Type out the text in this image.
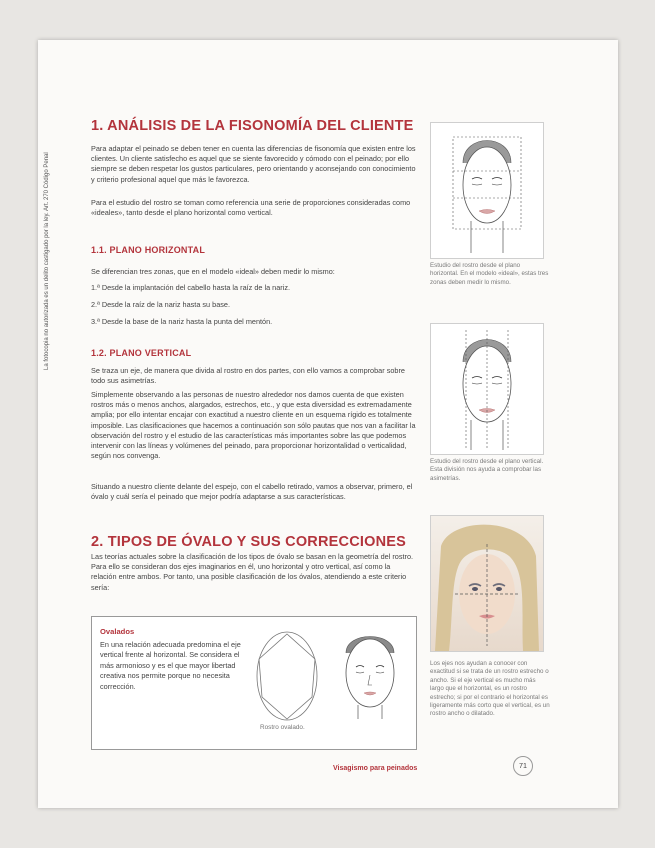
La fotocopia no autorizada es un delito castigado por la ley. Art. 270 Código Penal
1. ANÁLISIS DE LA FISONOMÍA DEL CLIENTE

Para adaptar el peinado se deben tener en cuenta las diferencias de fisonomía que existen entre los clientes. Un cliente satisfecho es aquel que se siente favorecido y cómodo con el peinado; por ello siempre se deben respetar los gustos particulares, pero orientando y aconsejando con conocimiento y criterio profesional aquel que más le favorezca.

Para el estudio del rostro se toman como referencia una serie de proporciones consideradas como «ideales», tanto desde el plano horizontal como vertical.

1.1. PLANO HORIZONTAL

Se diferencian tres zonas, que en el modelo «ideal» deben medir lo mismo:

1.ª Desde la implantación del cabello hasta la raíz de la nariz.
2.ª Desde la raíz de la nariz hasta su base.
3.ª Desde la base de la nariz hasta la punta del mentón.
1.2. PLANO VERTICAL

Se traza un eje, de manera que divida al rostro en dos partes, con ello vamos a comprobar sobre todo sus asimetrías.

Simplemente observando a las personas de nuestro alrededor nos damos cuenta de que existen rostros más o menos anchos, alargados, estrechos, etc., y que esta diversidad es extremadamente amplia; por ello intentar encajar con exactitud a nuestro cliente en un esquema rígido es totalmente imposible. Las clasificaciones que hacemos a continuación son sólo pautas que nos van a facilitar la observación del rostro y el estudio de las características más importantes sobre las que podemos intervenir con las líneas y volúmenes del peinado, para proporcionar horizontalidad o verticalidad, según nos convenga.

Situando a nuestro cliente delante del espejo, con el cabello retirado, vamos a observar, primero, el óvalo y cuál sería el peinado que mejor podría adaptarse a sus características.

2. TIPOS DE ÓVALO Y SUS CORRECCIONES

Las teorías actuales sobre la clasificación de los tipos de óvalo se basan en la geometría del rostro. Para ello se consideran dos ejes imaginarios en él, uno horizontal y otro vertical, así como la relación entre ambos. Por tanto, una posible clasificación de los óvalos, atendiendo a este criterio sería:

Ovalados

En una relación adecuada predomina el eje vertical frente al horizontal. Se considera el más armonioso y es el que mayor libertad creativa nos permite porque no necesita corrección.

Rostro ovalado.

Estudio del rostro desde el plano horizontal. En el modelo «ideal», estas tres zonas deben medir lo mismo.

Estudio del rostro desde el plano vertical. Esta división nos ayuda a comprobar las asimetrías.

Los ejes nos ayudan a conocer con exactitud si se trata de un rostro estrecho o ancho. Si el eje vertical es mucho más largo que el horizontal, es un rostro estrecho; si por el contrario el horizontal es ligeramente más corto que el vertical, es un rostro ancho o dilatado.

Visagismo para peinados	71
